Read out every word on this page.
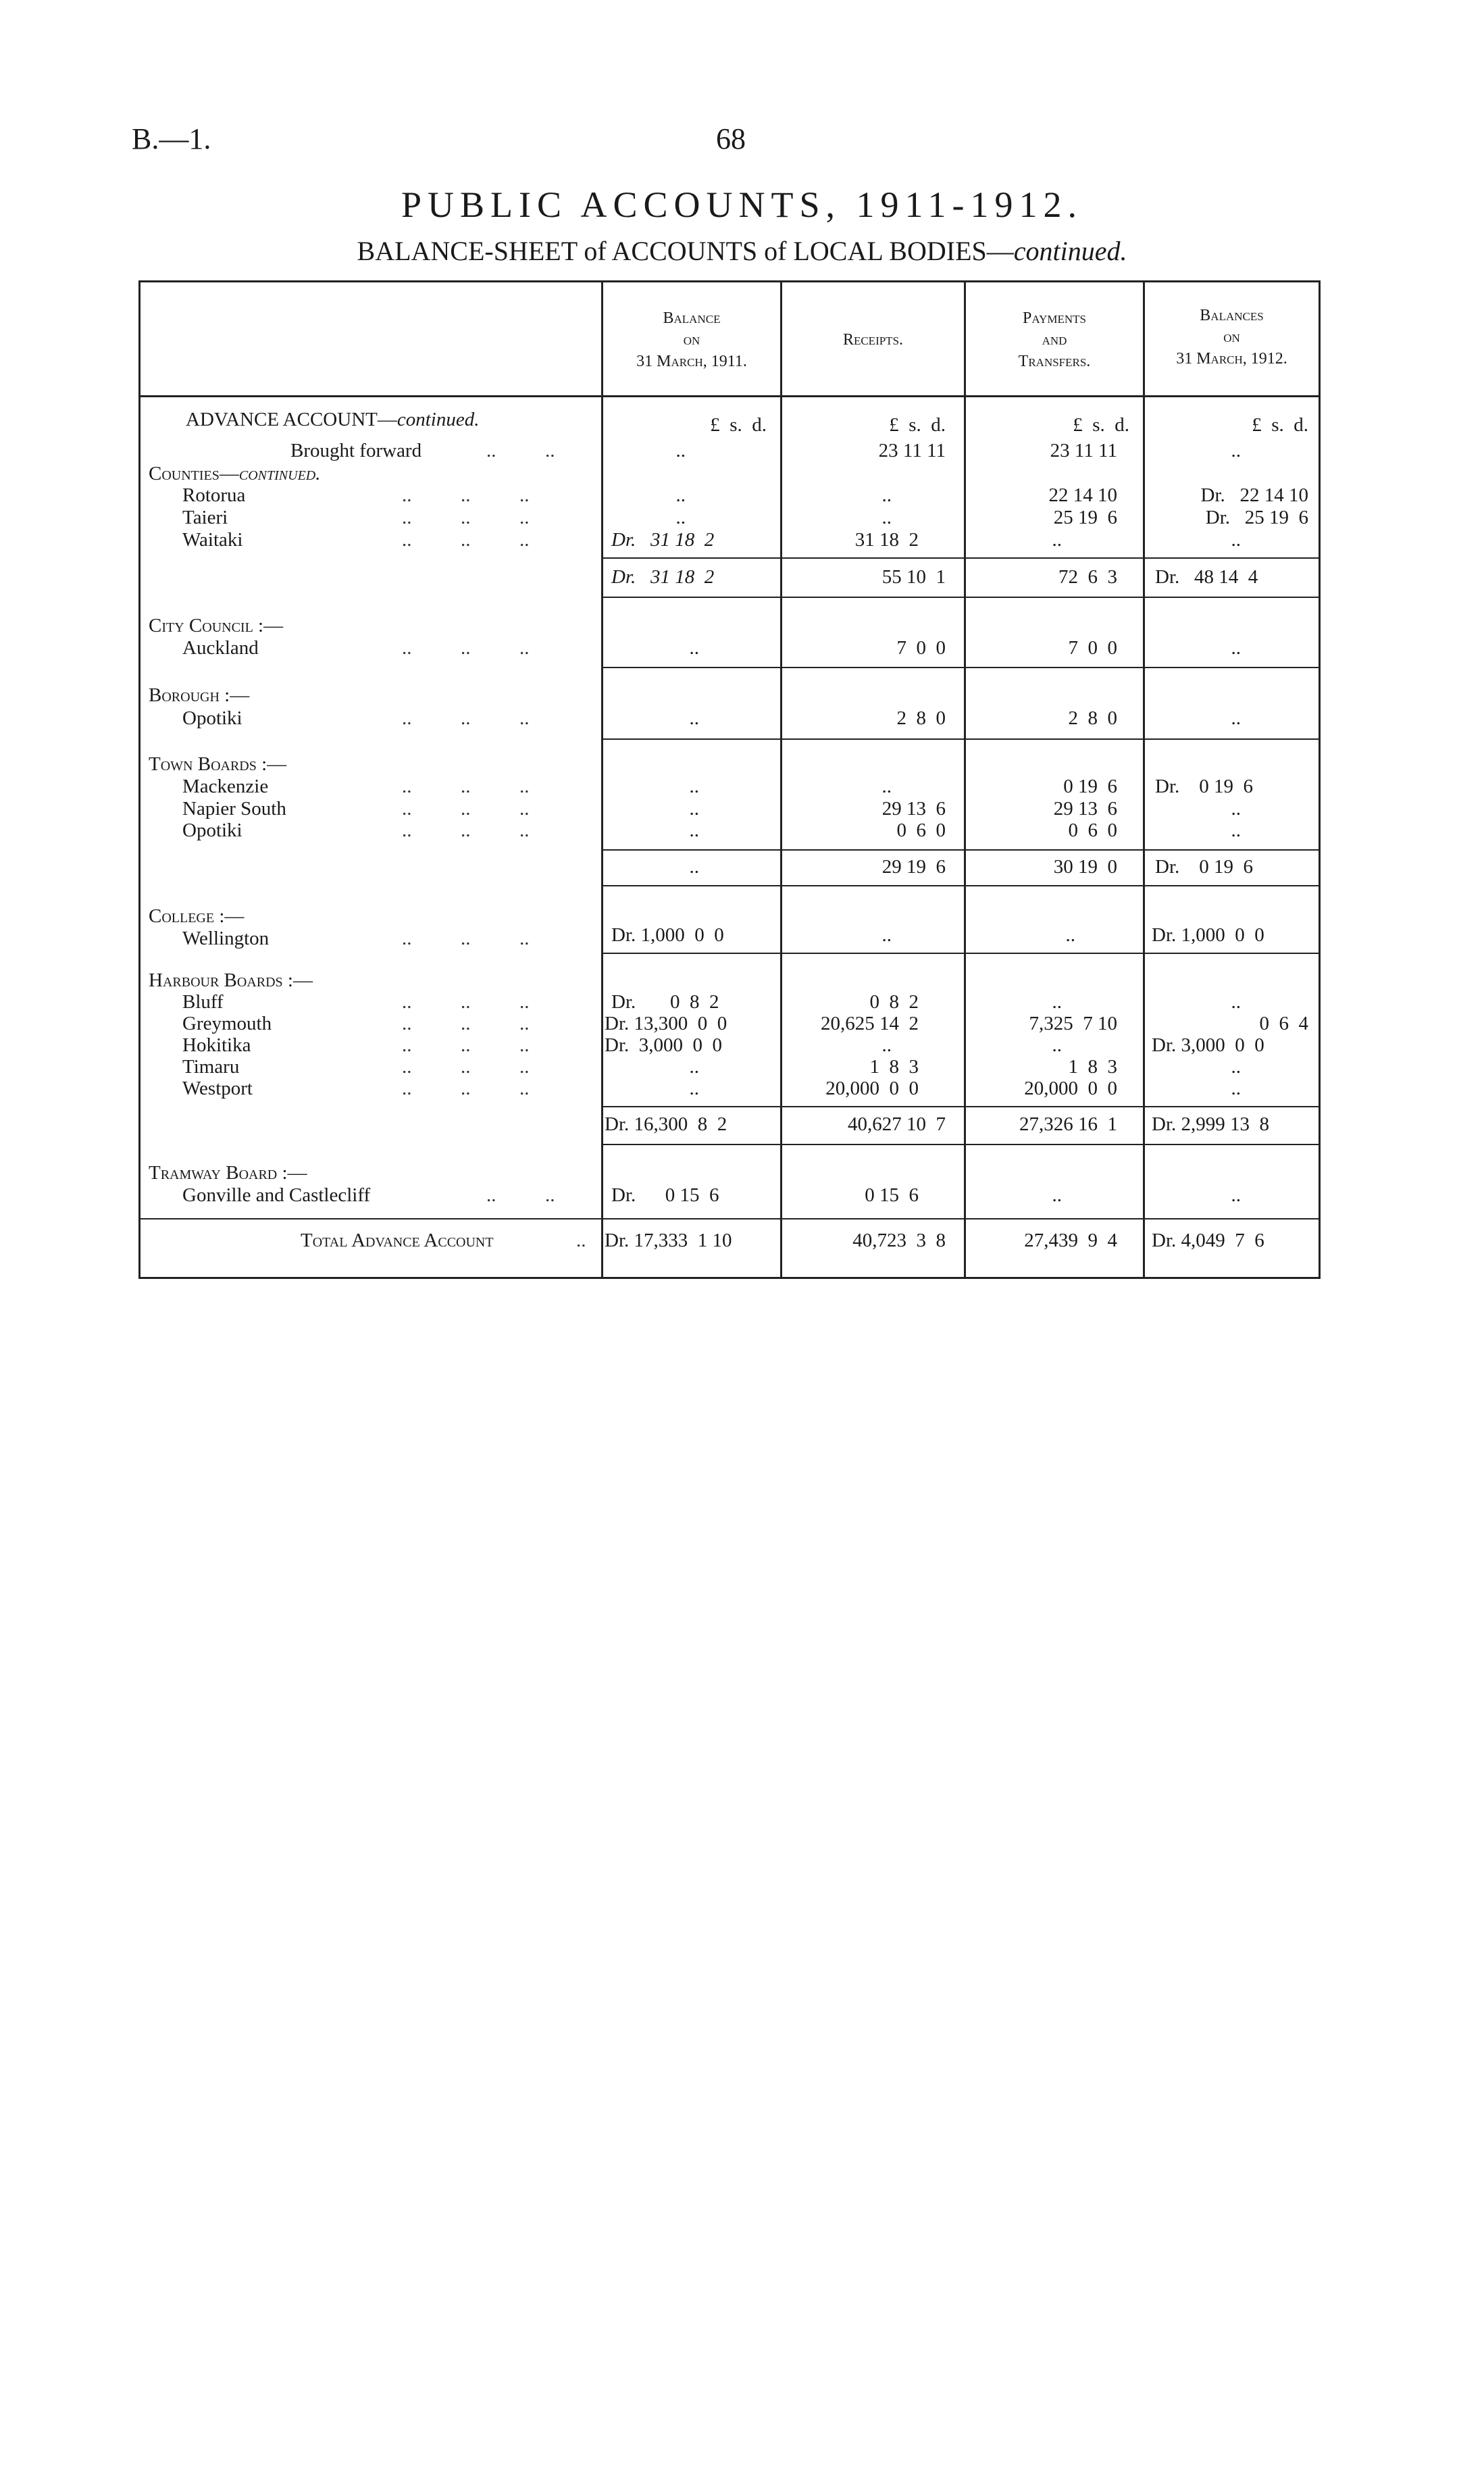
B.—1.	68
PUBLIC ACCOUNTS, 1911-1912.
BALANCE-SHEET of ACCOUNTS of LOCAL BODIES—continued.
Balance
on
31 March, 1911.
Receipts.
Payments
and
Transfers.
Balances
on
31 March, 1912.
ADVANCE ACCOUNT—continued.	£  s.  d.	£  s.  d.	£  s.  d.	£  s.  d.
Brought forward	..          ..	..	23 11 11	23 11 11	..
Counties—continued.
Rotorua	..          ..          ..	..	..	22 14 10	Dr.   22 14 10
Taieri	..          ..          ..	..	..	25 19  6	Dr.   25 19  6
Waitaki	..          ..          ..	Dr.   31 18  2	31 18  2	..	..
Dr.   31 18  2	55 10  1	72  6  3 Dr.   48 14  4
City Council :—
Auckland	..          ..          ..	..	7  0  0	7  0  0	..
Borough :—
Opotiki	..          ..          ..	..	2  8  0	2  8  0	..
Town Boards :—
Mackenzie	..          ..          ..	..	..	0 19  6 Dr.    0 19  6
Napier South	..          ..          ..	..	29 13  6	29 13  6	..
Opotiki	..          ..          ..	..	0  6  0	0  6  0	..
..	29 19  6	30 19  0 Dr.    0 19  6
College :—
Wellington	..          ..          ..	Dr. 1,000  0  0	..	..	Dr. 1,000  0  0
Harbour Boards :—
Bluff	..          ..          ..	Dr.       0  8  2	0  8  2	..	..
Greymouth	..          ..          ..	Dr. 13,300  0  0	20,625 14  2	7,325  7 10	0  6  4
Hokitika	..          ..          ..	Dr.  3,000  0  0	..	..	Dr. 3,000  0  0
Timaru	..          ..          ..	..	1  8  3	1  8  3	..
Westport	..          ..          ..	..	20,000  0  0	20,000  0  0	..
Dr. 16,300  8  2	40,627 10  7	27,326 16  1 Dr. 2,999 13  8
Tramway Board :—
Gonville and Castlecliff	..          ..	Dr.      0 15  6	0 15  6	..	..
Total Advance Account	.. Dr. 17,333  1 10	40,723  3  8	27,439  9  4 Dr. 4,049  7  6
